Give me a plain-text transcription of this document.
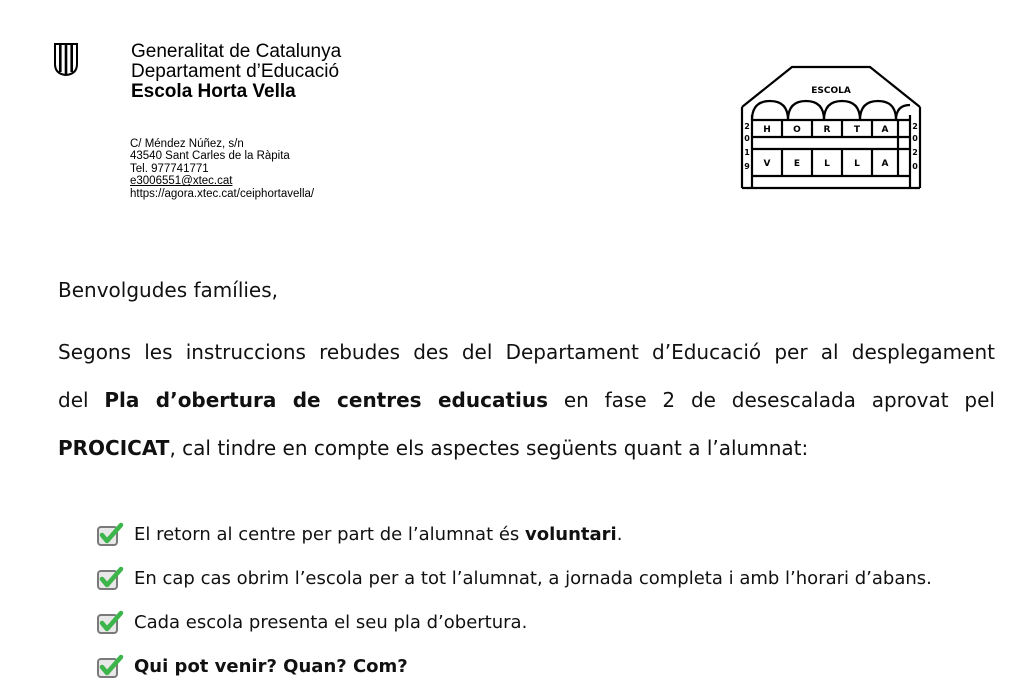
Generalitat de Catalunya
Departament d’Educació
Escola Horta Vella
C/ Méndez Núñez, s/n
43540 Sant Carles de la Ràpita
Tel. 977741771
e3006551@xtec.cat
https://agora.xtec.cat/ceiphortavella/
ESCOLA
H O	R	T A
V	E	L	L A
2
0
1
9
2
0
2
0
Benvolgudes famílies,
Segons les instruccions rebudes des del Departament d’Educació per al desplegament
del Pla d’obertura de centres educatius en fase 2 de desescalada aprovat pel
PROCICAT, cal tindre en compte els aspectes següents quant a l’alumnat:
El retorn al centre per part de l’alumnat és voluntari.
En cap cas obrim l’escola per a tot l’alumnat, a jornada completa i amb l’horari d’abans.
Cada escola presenta el seu pla d’obertura.
Qui pot venir? Quan? Com?
